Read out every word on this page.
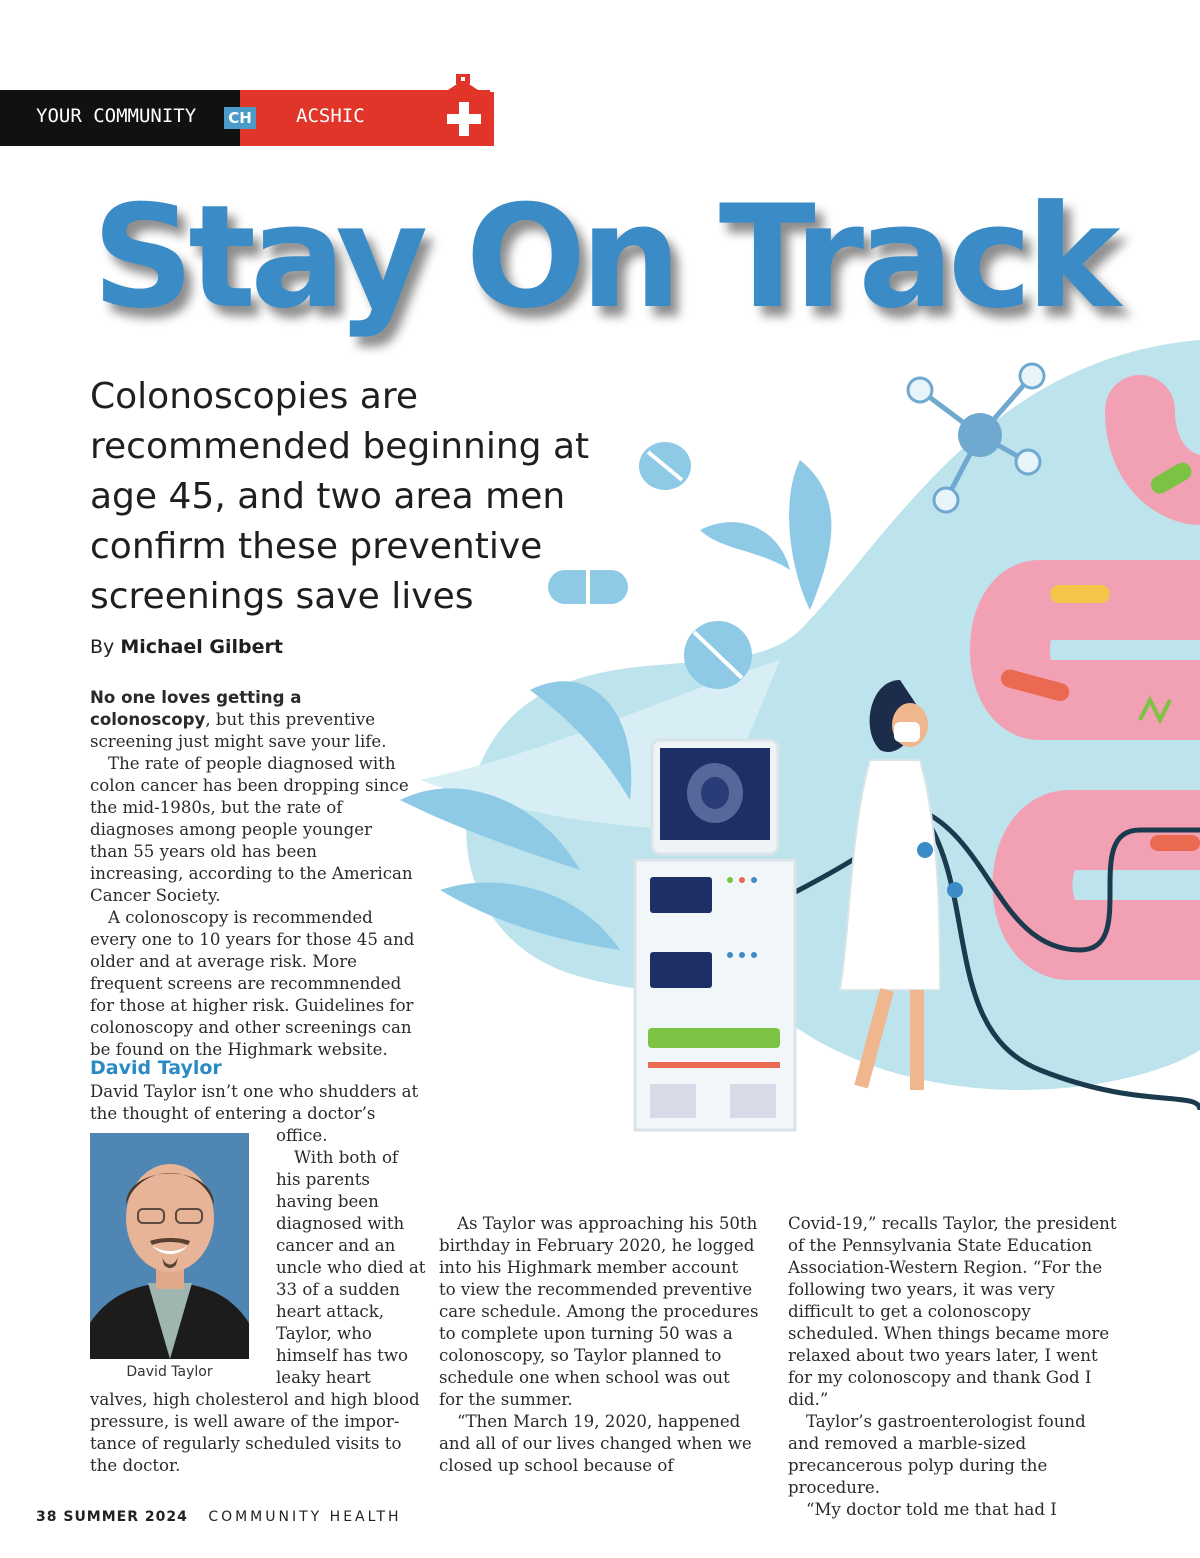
YOUR COMMUNITY CH ACSHIC
Stay On Track
Colonoscopies are recommended beginning at age 45, and two area men confirm these preventive screenings save lives
By Michael Gilbert

No one loves getting a colonoscopy, but this preventive screening just might save your life.

The rate of people diagnosed with colon cancer has been dropping since the mid-1980s, but the rate of diagnoses among people younger than 55 years old has been increasing, according to the American Cancer Society.

A colonoscopy is recommended every one to 10 years for those 45 and older and at average risk. More frequent screens are recommnended for those at higher risk. Guidelines for colonoscopy and other screenings can be found on the Highmark website.

David Taylor
David Taylor isn’t one who shudders at the thought of entering a doctor’s
David Taylor

office.

With both of his parents having been diagnosed with cancer and an uncle who died at 33 of a sudden heart attack, Taylor, who himself has two leaky heart

valves, high cholesterol and high blood pressure, is well aware of the impor-tance of regularly scheduled visits to the doctor.

As Taylor was approaching his 50th birthday in February 2020, he logged into his Highmark member account to view the recommended preventive care schedule. Among the procedures to complete upon turning 50 was a colonoscopy, so Taylor planned to schedule one when school was out for the summer.

“Then March 19, 2020, happened and all of our lives changed when we closed up school because of

Covid-19,” recalls Taylor, the president of the Pennsylvania State Education Association-Western Region. “For the following two years, it was very difficult to get a colonoscopy scheduled. When things became more relaxed about two years later, I went for my colonoscopy and thank God I did.”

Taylor’s gastroenterologist found and removed a marble-sized precancerous polyp during the procedure.

“My doctor told me that had I

38 SUMMER 2024 COMMUNITY HEALTH
